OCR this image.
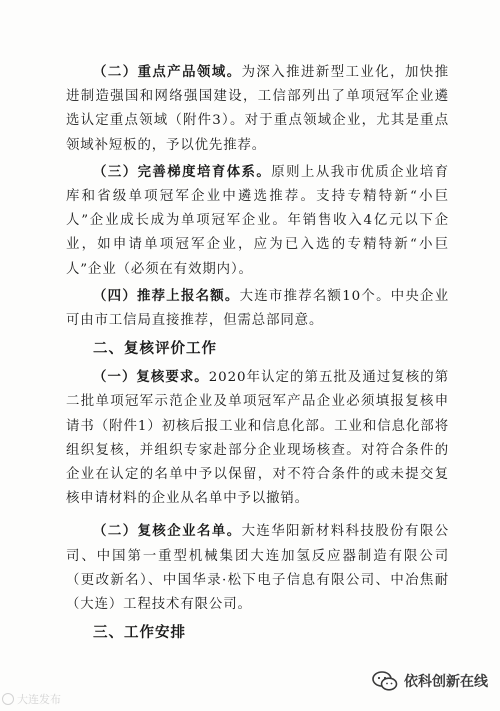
（二）重点产品领域。为深入推进新型工业化，加快推进制造强国和网络强国建设，工信部列出了单项冠军企业遴选认定重点领域（附件3）。对于重点领域企业，尤其是重点领域补短板的，予以优先推荐。

（三）完善梯度培育体系。原则上从我市优质企业培育库和省级单项冠军企业中遴选推荐。支持专精特新“小巨人”企业成长成为单项冠军企业。年销售收入4亿元以下企业，如申请单项冠军企业，应为已入选的专精特新“小巨人”企业（必须在有效期内）。

（四）推荐上报名额。大连市推荐名额10个。中央企业可由市工信局直接推荐，但需总部同意。

二、复核评价工作

（一）复核要求。2020年认定的第五批及通过复核的第二批单项冠军示范企业及单项冠军产品企业必须填报复核申请书（附件1）初核后报工业和信息化部。工业和信息化部将组织复核，并组织专家赴部分企业现场核查。对符合条件的企业在认定的名单中予以保留，对不符合条件的或未提交复核申请材料的企业从名单中予以撤销。

（二）复核企业名单。大连华阳新材料科技股份有限公司、中国第一重型机械集团大连加氢反应器制造有限公司（更改新名）、中国华录·松下电子信息有限公司、中冶焦耐（大连）工程技术有限公司。

三、工作安排
大连发布
依科创新在线
